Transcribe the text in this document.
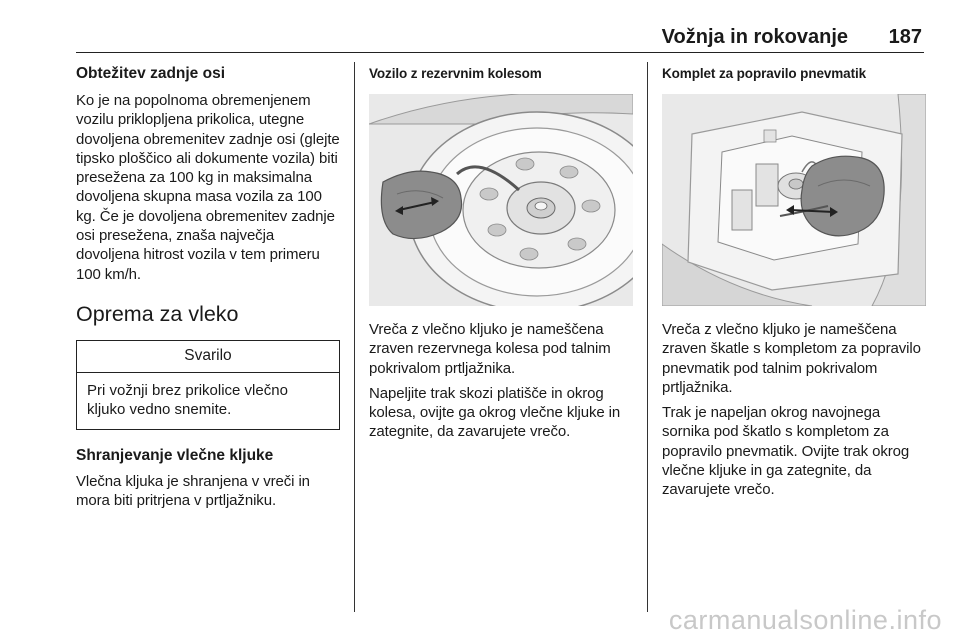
Vožnja in rokovanje 187
Obtežitev zadnje osi

Ko je na popolnoma obremenjenem vozilu priklopljena prikolica, utegne dovoljena obremenitev zadnje osi (glejte tipsko ploščico ali dokumente vozila) biti presežena za 100 kg in maksimalna dovoljena skupna masa vozila za 100 kg. Če je dovoljena obremenitev zadnje osi presežena, znaša največja dovoljena hitrost vozila v tem primeru 100 km/h.

Oprema za vleko
Svarilo
Pri vožnji brez prikolice vlečno kljuko vedno snemite.
Shranjevanje vlečne kljuke

Vlečna kljuka je shranjena v vreči in mora biti pritrjena v prtljažniku.

Vozilo z rezervnim kolesom

Vreča z vlečno kljuko je nameščena zraven rezervnega kolesa pod talnim pokrivalom prtljažnika.

Napeljite trak skozi platišče in okrog kolesa, ovijte ga okrog vlečne kljuke in zategnite, da zavarujete vrečo.

Komplet za popravilo pnevmatik

Vreča z vlečno kljuko je nameščena zraven škatle s kompletom za popravilo pnevmatik pod talnim pokrivalom prtljažnika.

Trak je napeljan okrog navojnega sornika pod škatlo s kompletom za popravilo pnevmatik. Ovijte trak okrog vlečne kljuke in ga zategnite, da zavarujete vrečo.

carmanualsonline.info
